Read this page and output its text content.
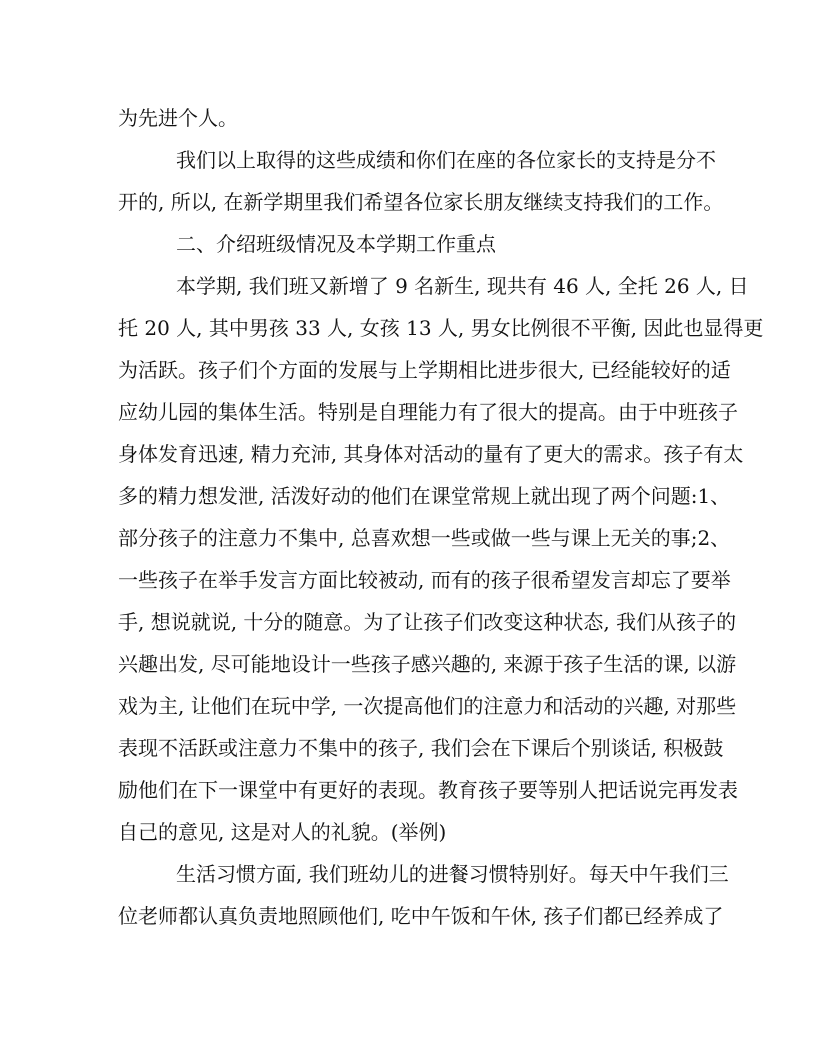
为先进个人。
我们以上取得的这些成绩和你们在座的各位家长的支持是分不
开的, 所以, 在新学期里我们希望各位家长朋友继续支持我们的工作。
二、介绍班级情况及本学期工作重点
本学期, 我们班又新增了 9 名新生, 现共有 46 人, 全托 26 人, 日
托 20 人, 其中男孩 33 人, 女孩 13 人, 男女比例很不平衡, 因此也显得更
为活跃。孩子们个方面的发展与上学期相比进步很大, 已经能较好的适
应幼儿园的集体生活。特别是自理能力有了很大的提高。由于中班孩子
身体发育迅速, 精力充沛, 其身体对活动的量有了更大的需求。孩子有太
多的精力想发泄, 活泼好动的他们在课堂常规上就出现了两个问题:1、
部分孩子的注意力不集中, 总喜欢想一些或做一些与课上无关的事;2、
一些孩子在举手发言方面比较被动, 而有的孩子很希望发言却忘了要举
手, 想说就说, 十分的随意。为了让孩子们改变这种状态, 我们从孩子的
兴趣出发, 尽可能地设计一些孩子感兴趣的, 来源于孩子生活的课, 以游
戏为主, 让他们在玩中学, 一次提高他们的注意力和活动的兴趣, 对那些
表现不活跃或注意力不集中的孩子, 我们会在下课后个别谈话, 积极鼓
励他们在下一课堂中有更好的表现。教育孩子要等别人把话说完再发表
自己的意见, 这是对人的礼貌。(举例)
生活习惯方面, 我们班幼儿的进餐习惯特别好。每天中午我们三
位老师都认真负责地照顾他们, 吃中午饭和午休, 孩子们都已经养成了
